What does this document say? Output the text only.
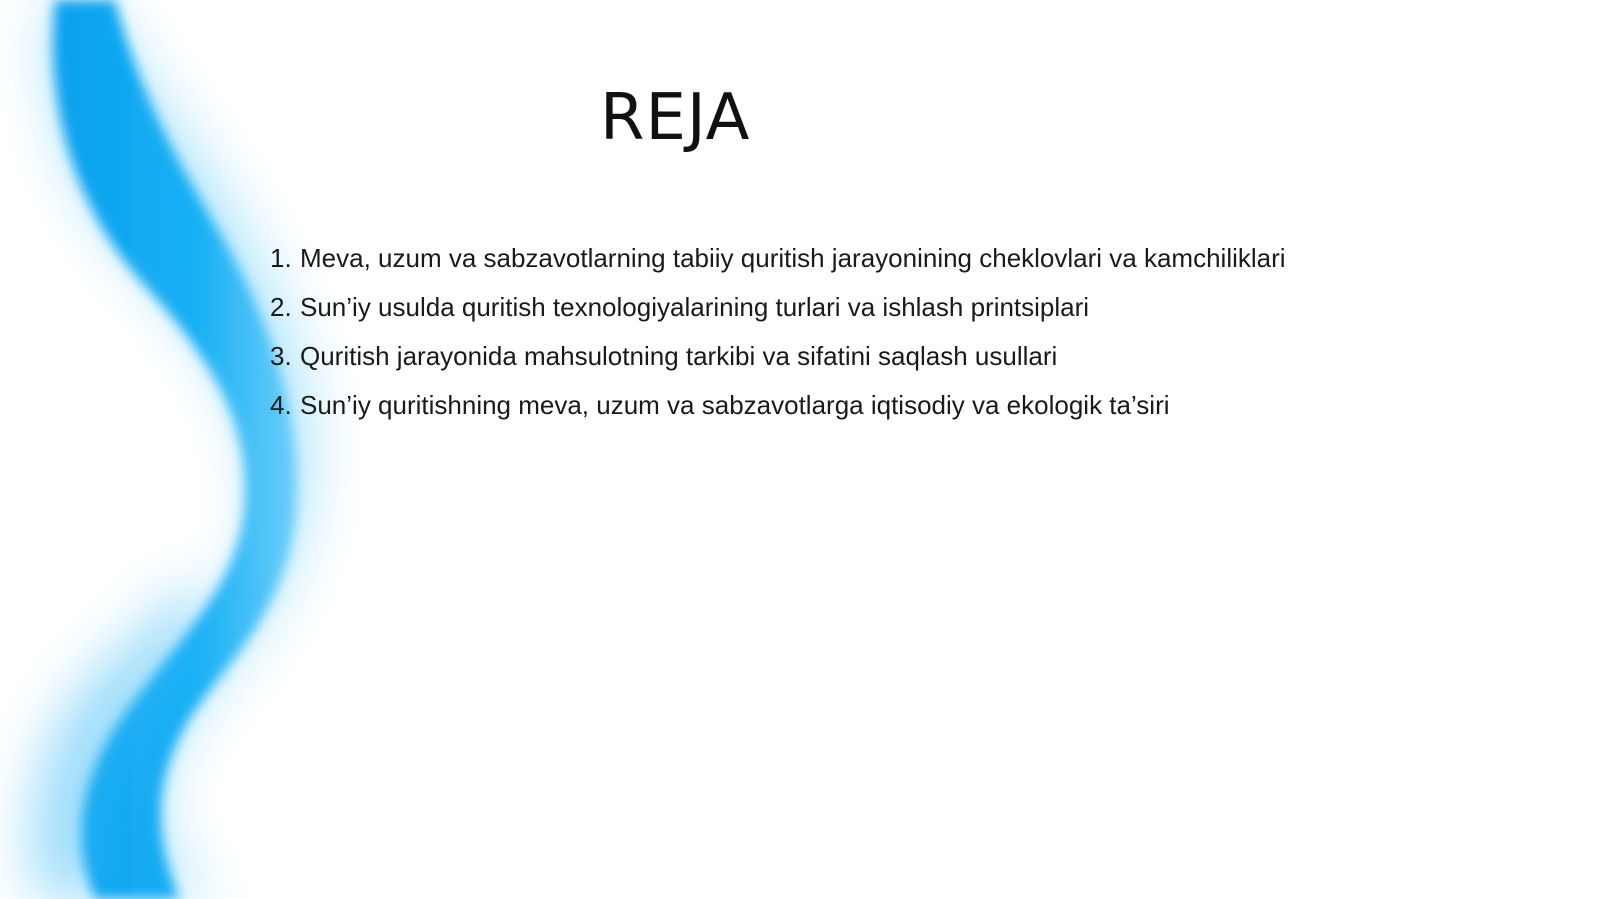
REJA
1. Meva, uzum va sabzavotlarning tabiiy quritish jarayonining cheklovlari va kamchiliklari
2. Sun’iy usulda quritish texnologiyalarining turlari va ishlash printsiplari
3. Quritish jarayonida mahsulotning tarkibi va sifatini saqlash usullari
4. Sun’iy quritishning meva, uzum va sabzavotlarga iqtisodiy va ekologik ta’siri
